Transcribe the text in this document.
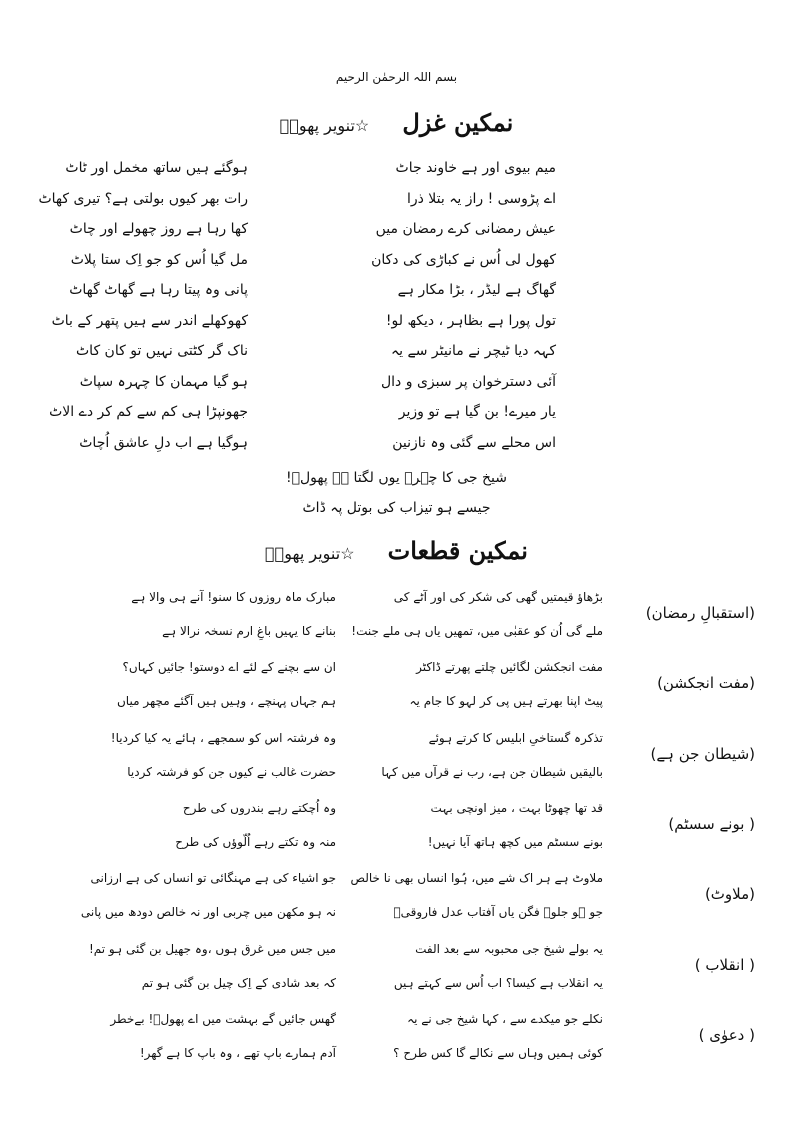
بسم اللہ الرحمٰن الرحیم
نمکین غزل ☆تنویر پھولؔ
میم بیوی اور ہے خاوند جاٹ
ہوگئے ہیں ساتھ مخمل اور ٹاٹ
اے پڑوسی ! راز یہ بتلا ذرا
رات بھر کیوں بولتی ہے؟ تیری کھاٹ
عیش رمضانی کرے رمضان میں
کھا رہا ہے روز چھولے اور چاٹ
کھول لی اُس نے کباڑی کی دکان
مل گیا اُس کو جو اِک ستا پلاٹ
گھاگ ہے لیڈر ، بڑا مکار ہے
پانی وہ پیتا رہا ہے گھاٹ گھاٹ
تول پورا ہے بظاہر ، دیکھ لو!
کھوکھلے اندر سے ہیں پتھر کے باٹ
کہہ دیا ٹیچر نے مانیٹر سے یہ
ناک گر کٹتی نہیں تو کان کاٹ
آئی دسترخوان پر سبزی و دال
ہو گیا مہمان کا چہرہ سپاٹ
یار میرے! بن گیا ہے تو وزیر
جھونپڑا ہی کم سے کم کر دے الاٹ
اس محلے سے گئی وہ نازنین
ہوگیا ہے اب دلِ عاشق اُچاٹ
شیخ جی کا چہرہ یوں لگتا ہے پھولؔ!
جیسے ہو تیزاب کی بوتل پہ ڈاٹ
نمکین قطعات ☆تنویر پھولؔ
(استقبالِ رمضان)
بڑھاؤ قیمتیں گھی کی شکر کی اور آٹے کی
مبارک ماہ روزوں کا سنو! آنے ہی والا ہے
ملے گی اُن کو عقبٰی میں، تمھیں یاں ہی ملے جنت!
بنانے کا یہیں باغِ ارم نسخہ نرالا ہے
(مفت انجکشن)
مفت انجکشن لگائیں چلتے پھرتے ڈاکٹر
ان سے بچنے کے لئے اے دوستو! جائیں کہاں؟
پیٹ اپنا بھرتے ہیں پی کر لہو کا جام یہ
ہم جہاں پہنچے ، وہیں ہیں آگئے مچھر میاں
(شیطان جن ہے)
تذکرہ گستاخیِ ابلیس کا کرتے ہوئے
وہ فرشتہ اس کو سمجھے ، ہائے یہ کیا کردیا!
بالیقیں شیطان جن ہے، رب نے قرآں میں کہا
حضرت غالب نے کیوں جن کو فرشتہ کردیا
( بونے سسٹم)
قد تھا چھوٹا بہت ، میز اونچی بہت
وہ اُچکتے رہے بندروں کی طرح
بونے سسٹم میں کچھ ہاتھ آیا نہیں!
منہ وہ تکتے رہے اُلّوؤں کی طرح
(ملاوٹ)
ملاوٹ ہے ہر اک شے میں، ہُوا انساں بھی نا خالص
جو اشیاء کی ہے مہنگائی تو انساں کی ہے ارزانی
جو ہو جلوہ فگن یاں آفتاب عدل فاروقیؓ
نہ ہو مکھن میں چربی اور نہ خالص دودھ میں پانی
( انقلاب )
یہ بولے شیخ جی محبوبہ سے بعد الفت
میں جس میں غرق ہوں ،وہ جھیل بن گئی ہو تم!
یہ انقلاب ہے کیسا؟ اب اُس سے کہتے ہیں
کہ بعد شادی کے اِک چیل بن گئی ہو تم
( دعوٰی )
نکلے جو میکدے سے ، کہا شیخ جی نے یہ
گھس جائیں گے بہشت میں اے پھولؔ! بےخطر
کوئی ہمیں وہاں سے نکالے گا کس طرح ؟
آدم ہمارے باپ تھے ، وہ باپ کا ہے گھر!
